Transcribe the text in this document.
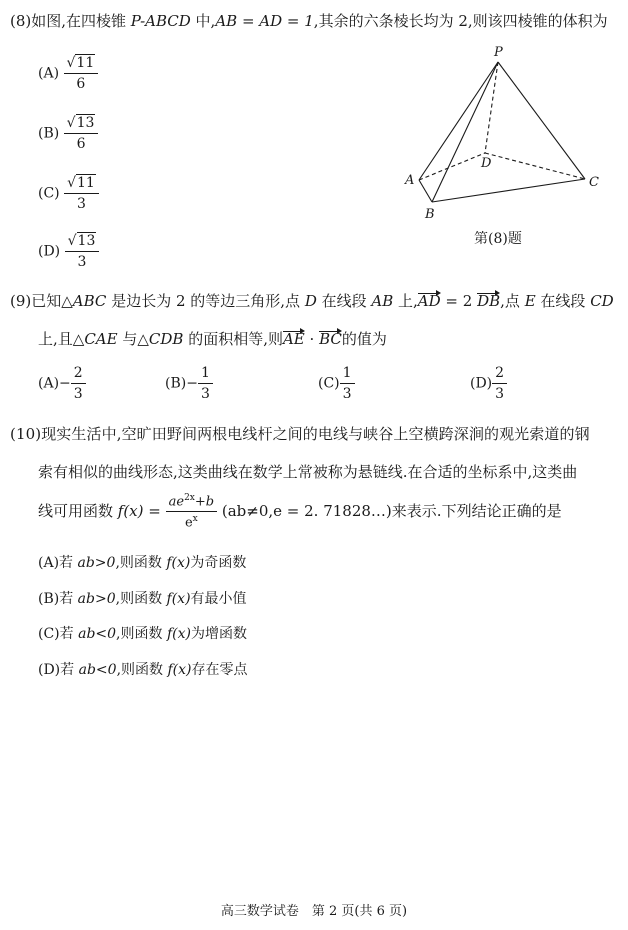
(8)如图,在四棱锥 P-ABCD 中,AB = AD = 1,其余的六条棱长均为 2,则该四棱锥的体积为
$(A) \frac{√11}{6}$
$(B) \frac{√13}{6}$
$(C) \frac{√11}{3}$
$(D) \frac{√13}{3}$
P
A
B
C
D
第(8)题
(9)已知△ABC 是边长为 2 的等边三角形,点 D 在线段 AB 上,AD = 2 DB,点 E 在线段 CD
上,且△CAE 与△CDB 的面积相等,则AE · BC的值为
$(A)- \frac{2}{3}$	$(B)- \frac{1}{3}$	$(C) \frac{1}{3}$	$(D) \frac{2}{3}$
(10)现实生活中,空旷田野间两根电线杆之间的电线与峡谷上空横跨深涧的观光索道的钢
索有相似的曲线形态,这类曲线在数学上常被称为悬链线.在合适的坐标系中,这类曲
线可用函数 $f(x) = \frac{ae^{2x}+b}{e^x} (ab\ne 0,e = 2$. 71828…)来表示.下列结论正确的是
(A)若 ab>0,则函数 f(x)为奇函数
(B)若 ab>0,则函数 f(x)有最小值
(C)若 ab<0,则函数 f(x)为增函数
(D)若 ab<0,则函数 f(x)存在零点
高三数学试卷　第 2 页(共 6 页)
